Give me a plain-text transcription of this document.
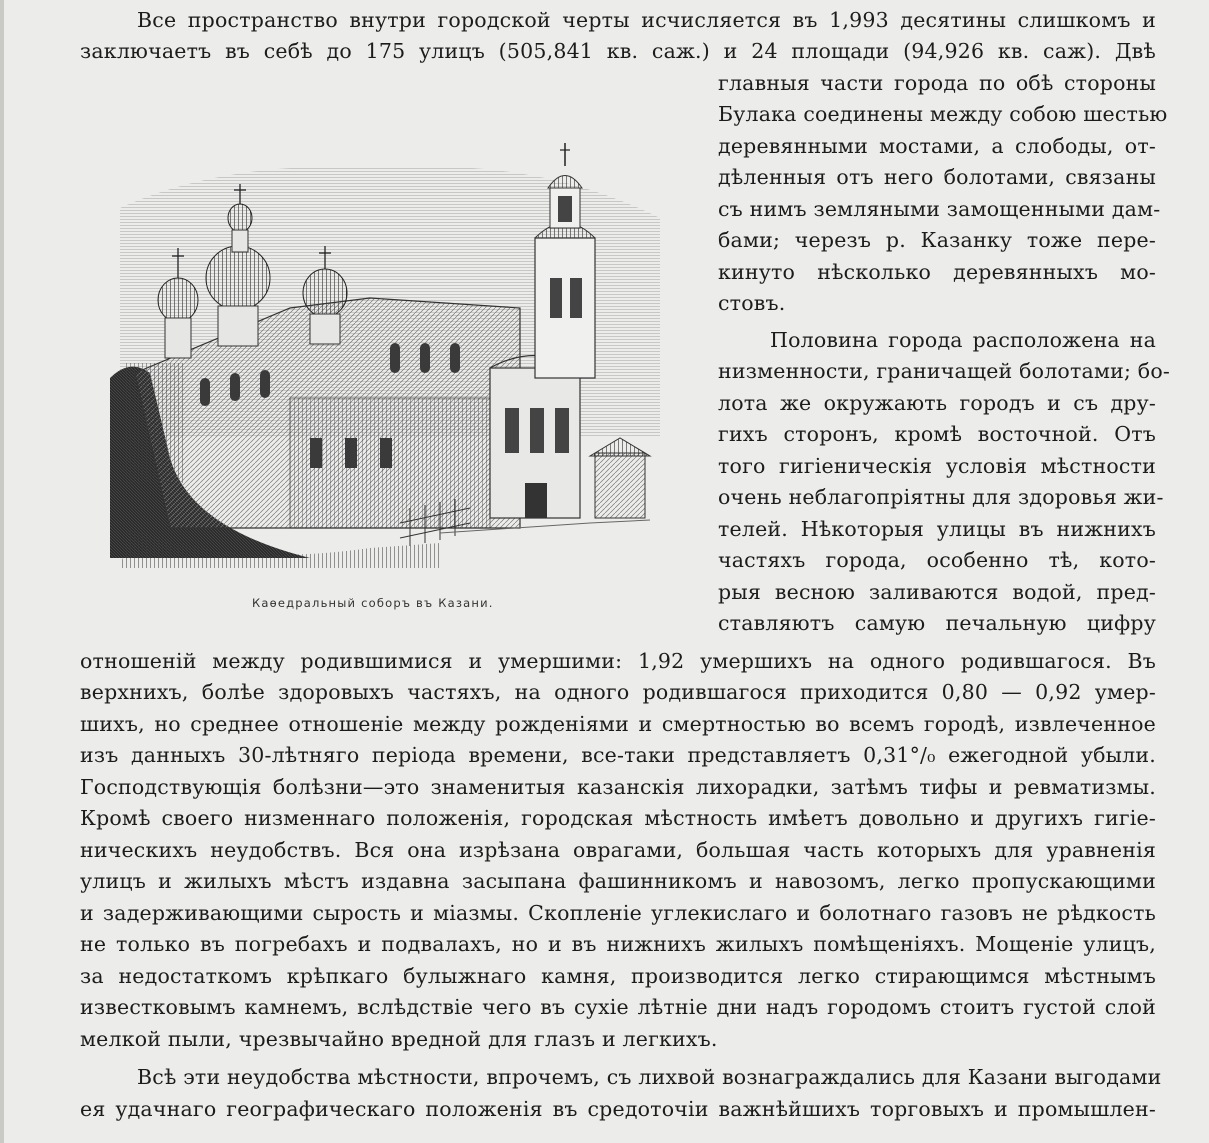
Все пространство внутри городской черты исчисляется въ 1,993 десятины слишкомъ и
заключаетъ въ себѣ до 175 улицъ (505,841 кв. саж.) и 24 площади (94,926 кв. саж). Двѣ
главныя части города по обѣ стороны
Булака соединены между собою шестью
деревянными мостами, а слободы, от-
дѣленныя отъ него болотами, связаны
съ нимъ земляными замощенными дам-
бами; черезъ р. Казанку тоже пере-
кинуто нѣсколько деревянныхъ мо-
стовъ.
Половина города расположена на
низменности, граничащей болотами; бо-
лота же окружають городъ и съ дру-
гихъ сторонъ, кромѣ восточной. Отъ
того гигіеническія условія мѣстности
очень неблагопріятны для здоровья жи-
телей. Нѣкоторыя улицы въ нижнихъ
частяхъ города, особенно тѣ, кото-
рыя весною заливаются водой, пред-
ставляютъ самую печальную цифру
отношеній между родившимися и умершими: 1,92 умершихъ на одного родившагося. Въ
верхнихъ, болѣе здоровыхъ частяхъ, на одного родившагося приходится 0,80 — 0,92 умер-
шихъ, но среднее отношеніе между рожденіями и смертностью во всемъ городѣ, извлеченное
изъ данныхъ 30-лѣтняго періода времени, все-таки представляетъ 0,31°/₀ ежегодной убыли.
Господствующія болѣзни—это знаменитыя казанскія лихорадки, затѣмъ тифы и ревматизмы.
Кромѣ своего низменнаго положенія, городская мѣстность имѣетъ довольно и другихъ гигіе-
ническихъ неудобствъ. Вся она изрѣзана оврагами, большая часть которыхъ для уравненія
улицъ и жилыхъ мѣстъ издавна засыпана фашинникомъ и навозомъ, легко пропускающими
и задерживающими сырость и міазмы. Скопленіе углекислаго и болотнаго газовъ не рѣдкость
не только въ погребахъ и подвалахъ, но и въ нижнихъ жилыхъ помѣщеніяхъ. Мощеніе улицъ,
за недостаткомъ крѣпкаго булыжнаго камня, производится легко стирающимся мѣстнымъ
известковымъ камнемъ, вслѣдствіе чего въ сухіе лѣтніе дни надъ городомъ стоитъ густой слой
мелкой пыли, чрезвычайно вредной для глазъ и легкихъ.
Всѣ эти неудобства мѣстности, впрочемъ, съ лихвой вознаграждались для Казани выгодами
ея удачнаго географическаго положенія въ средоточіи важнѣйшихъ торговыхъ и промышлен-
Каѳедральный соборъ въ Казани.
